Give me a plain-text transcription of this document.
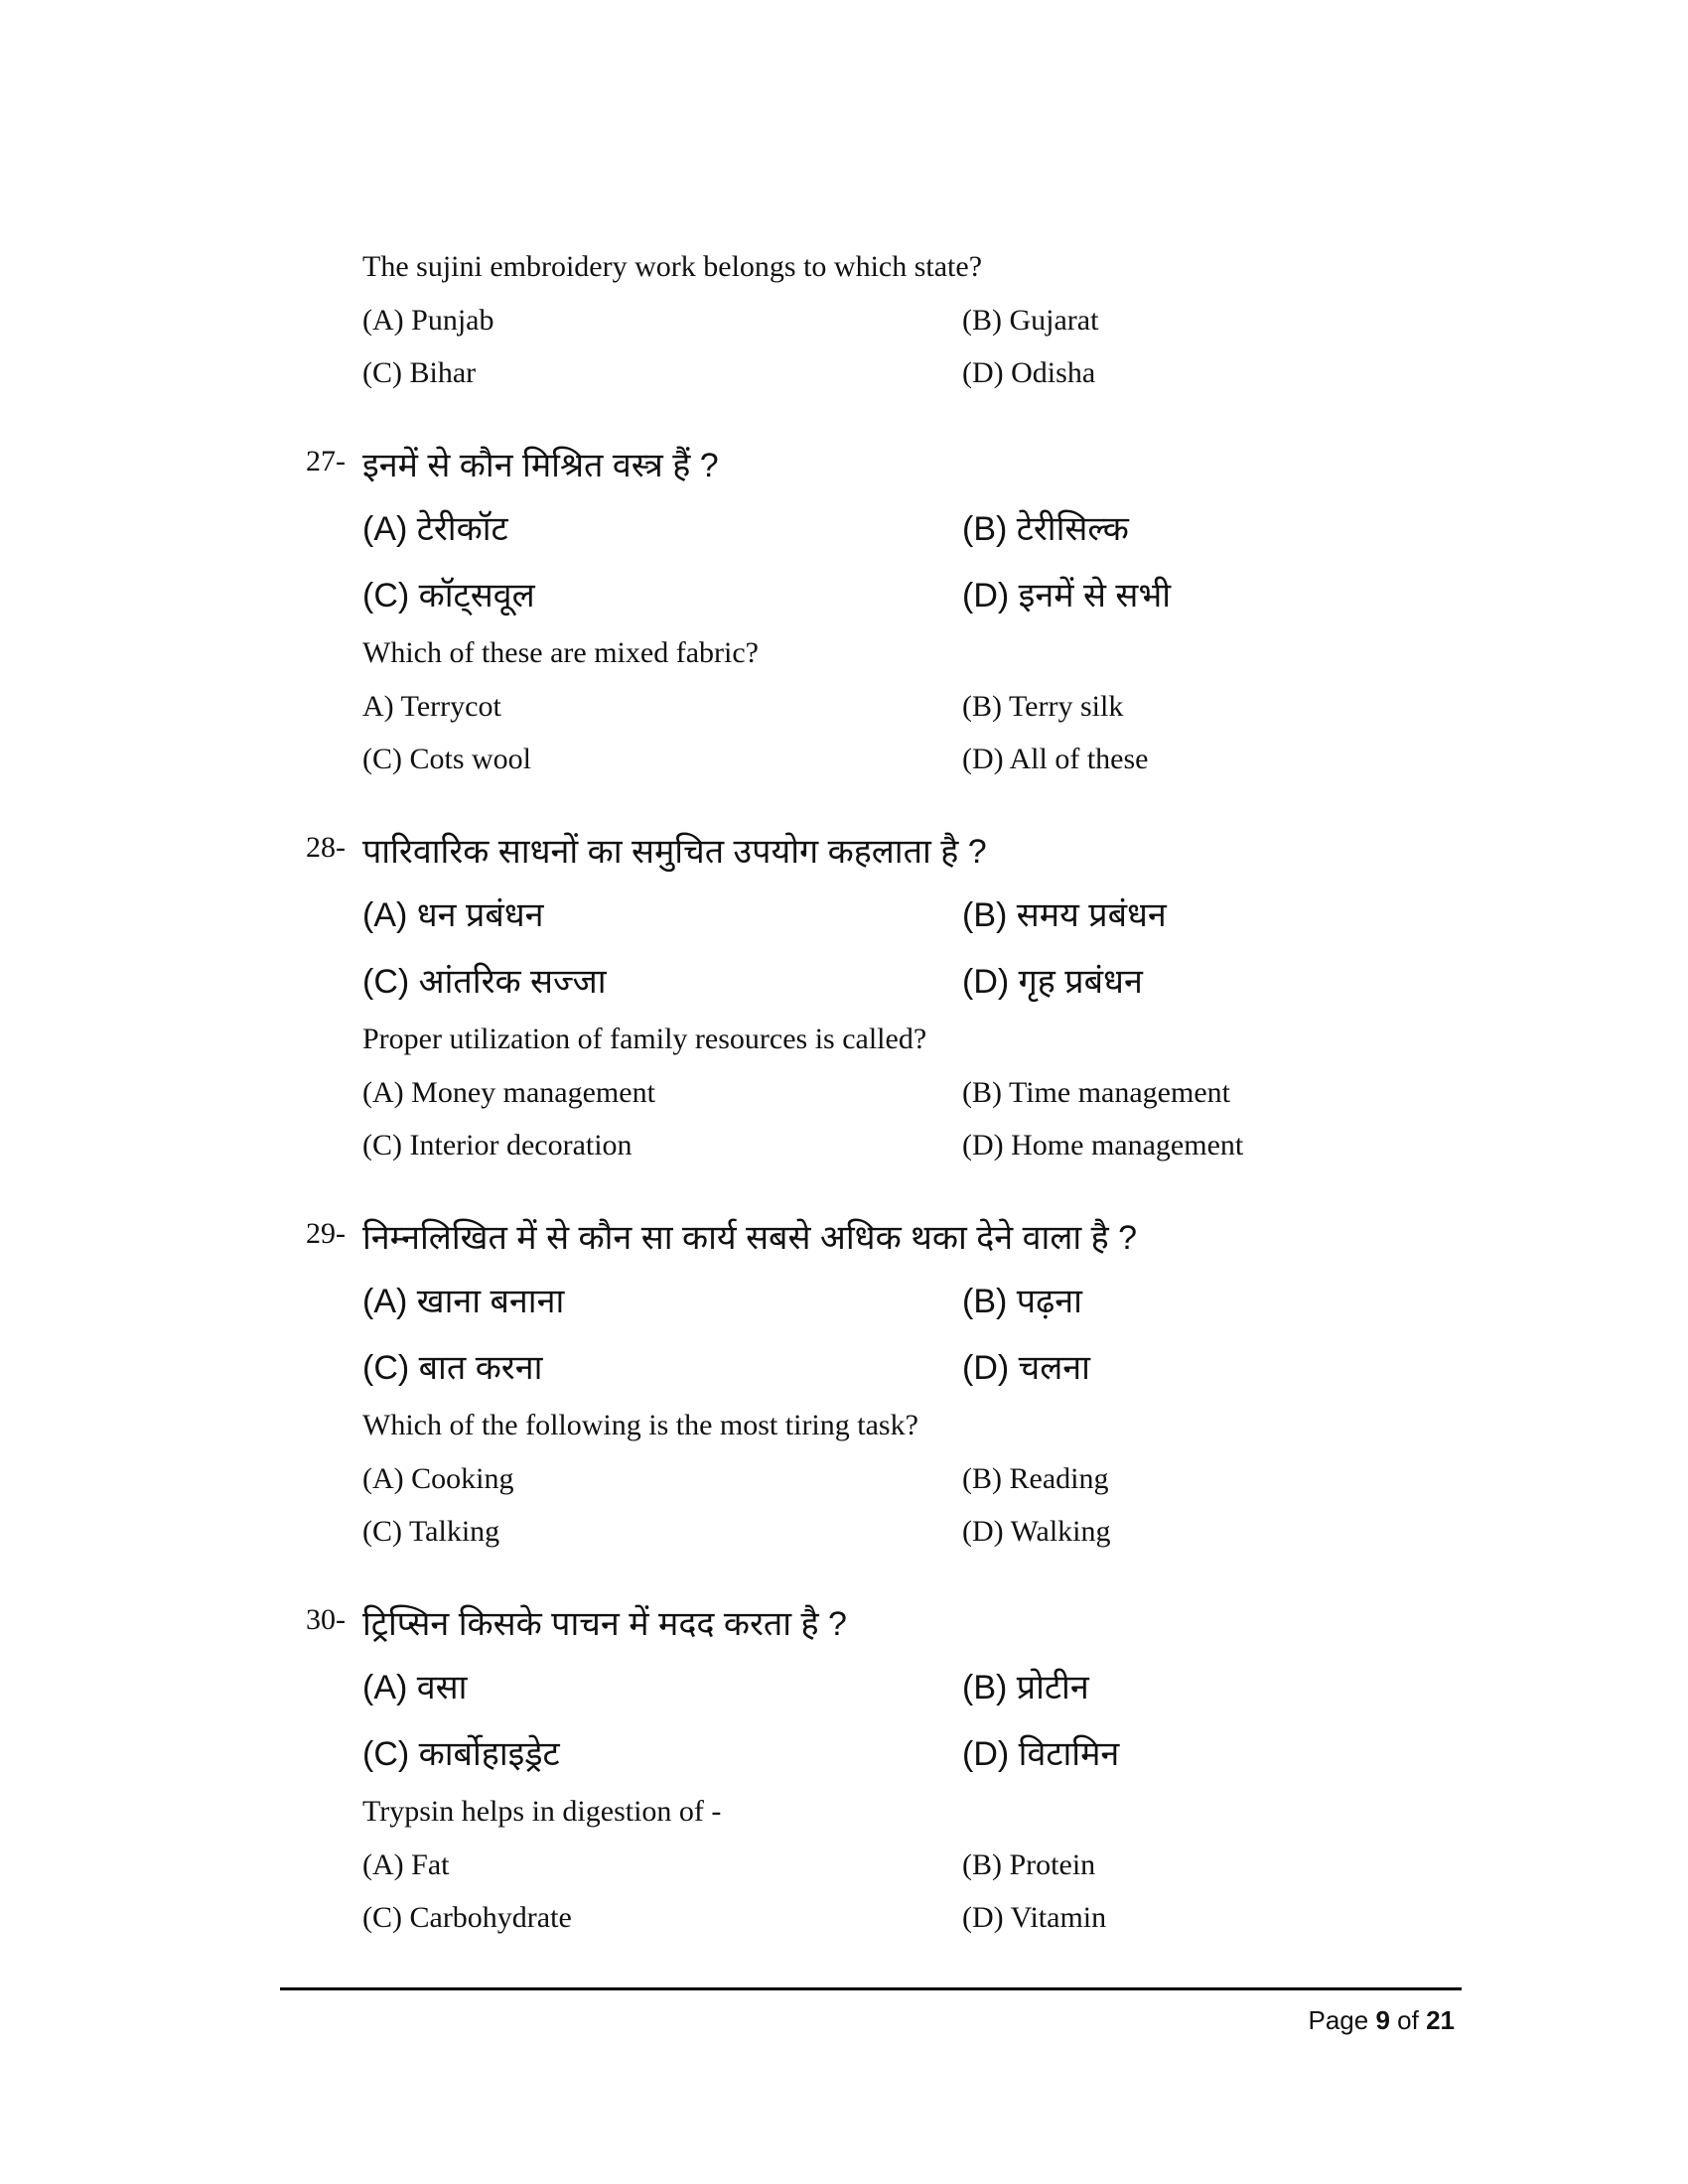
The sujini embroidery work belongs to which state?
(A) Punjab	(B) Gujarat
(C) Bihar	(D) Odisha
27- इनमें से कौन मिश्रित वस्त्र हैं ?
(A) टेरीकॉट	(B) टेरीसिल्क
(C) कॉट्सवूल	(D) इनमें से सभी
Which of these are mixed fabric?
A) Terrycot	(B) Terry silk
(C) Cots wool	(D) All of these
28- पारिवारिक साधनों का समुचित उपयोग कहलाता है ?
(A) धन प्रबंधन	(B) समय प्रबंधन
(C) आंतरिक सज्जा	(D) गृह प्रबंधन
Proper utilization of family resources is called?
(A) Money management	(B) Time management
(C) Interior decoration	(D) Home management
29- निम्नलिखित में से कौन सा कार्य सबसे अधिक थका देने वाला है ?
(A) खाना बनाना	(B) पढ़ना
(C) बात करना	(D) चलना
Which of the following is the most tiring task?
(A) Cooking	(B) Reading
(C) Talking	(D) Walking
30- ट्रिप्सिन किसके पाचन में मदद करता है ?
(A) वसा	(B) प्रोटीन
(C) कार्बोहाइड्रेट	(D) विटामिन
Trypsin helps in digestion of -
(A) Fat	(B) Protein
(C) Carbohydrate	(D) Vitamin
Page 9 of 21
